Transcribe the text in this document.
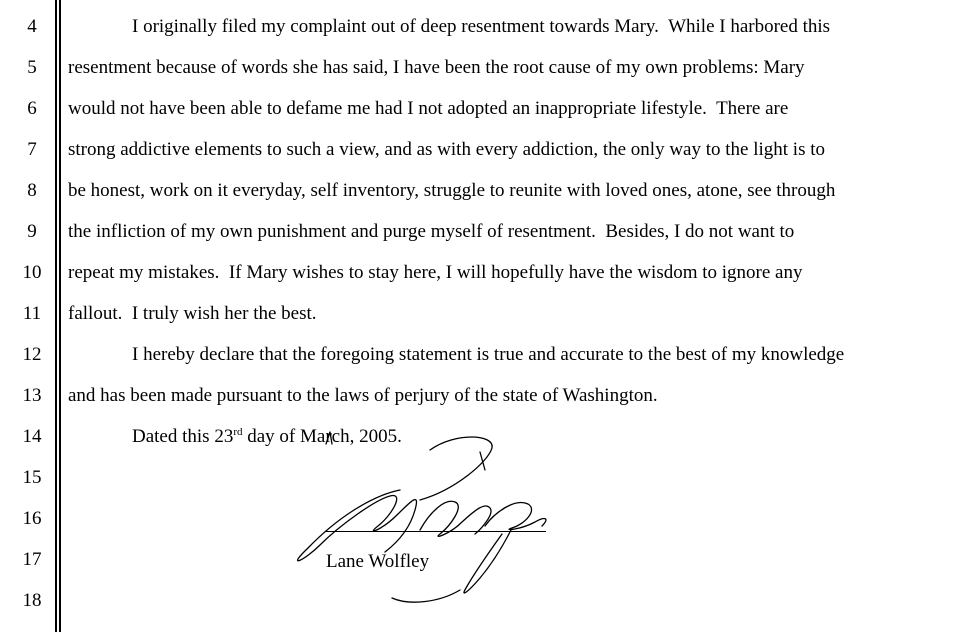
4
5
6
7
8
9
10
11
12
13
14
15
16
17
18
I originally filed my complaint out of deep resentment towards Mary.  While I harbored this
resentment because of words she has said, I have been the root cause of my own problems: Mary
would not have been able to defame me had I not adopted an inappropriate lifestyle.  There are
strong addictive elements to such a view, and as with every addiction, the only way to the light is to
be honest, work on it everyday, self inventory, struggle to reunite with loved ones, atone, see through
the infliction of my own punishment and purge myself of resentment.  Besides, I do not want to
repeat my mistakes.  If Mary wishes to stay here, I will hopefully have the wisdom to ignore any
fallout.  I truly wish her the best.
I hereby declare that the foregoing statement is true and accurate to the best of my knowledge
and has been made pursuant to the laws of perjury of the state of Washington.
Dated this 23rd day of March, 2005.
Lane Wolfley
